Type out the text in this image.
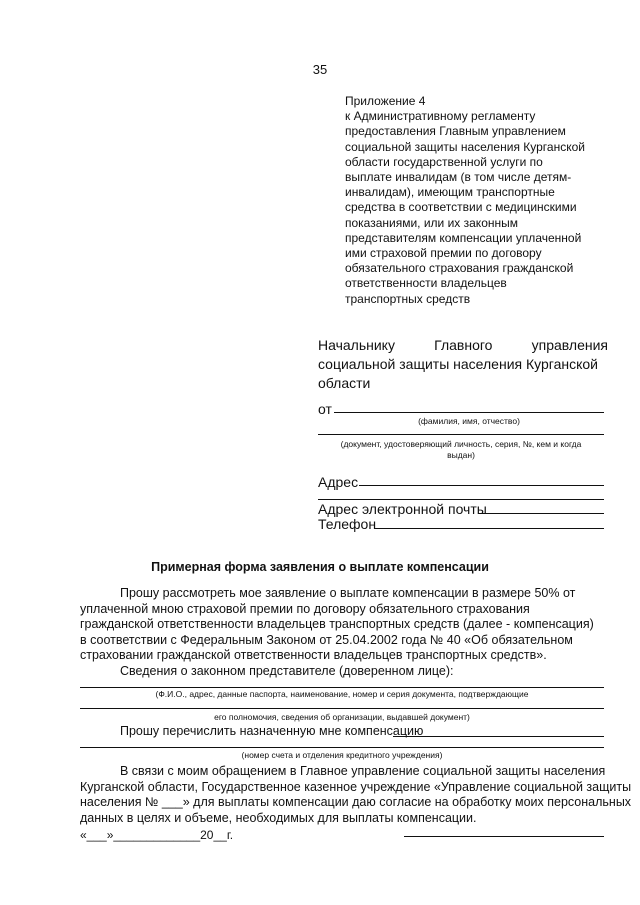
35
Приложение 4
к Административному регламенту
предоставления Главным управлением
социальной защиты населения Курганской
области государственной услуги по
выплате инвалидам (в том числе детям-
инвалидам), имеющим транспортные
средства в соответствии с медицинскими
показаниями, или их законным
представителям компенсации уплаченной
ими страховой премии по договору
обязательного страхования гражданской
ответственности владельцев
транспортных средств
Начальнику	Главного	управления
социальной защиты населения Курганской
области
от
(фамилия, имя, отчество)
(документ, удостоверяющий личность, серия, №, кем и когда
выдан)
Адрес
Адрес электронной почты
Телефон
Примерная форма заявления о выплате компенсации
Прошу рассмотреть мое заявление о выплате компенсации в размере 50% от
уплаченной мною страховой премии по договору обязательного страхования
гражданской ответственности владельцев транспортных средств (далее - компенсация)
в соответствии с Федеральным Законом от 25.04.2002 года № 40 «Об обязательном
страховании гражданской ответственности владельцев транспортных средств».
Сведения о законном представителе (доверенном лице):
(Ф.И.О., адрес, данные паспорта, наименование, номер и серия документа, подтверждающие
его полномочия, сведения об организации, выдавшей документ)
Прошу перечислить назначенную мне компенсацию
(номер счета и отделения кредитного учреждения)
В связи с моим обращением в Главное управление социальной защиты населения
Курганской области, Государственное казенное учреждение «Управление социальной защиты
населения № ___» для выплаты компенсации даю согласие на обработку моих персональных
данных в целях и объеме, необходимых для выплаты компенсации.
«___»_____________20__г.
